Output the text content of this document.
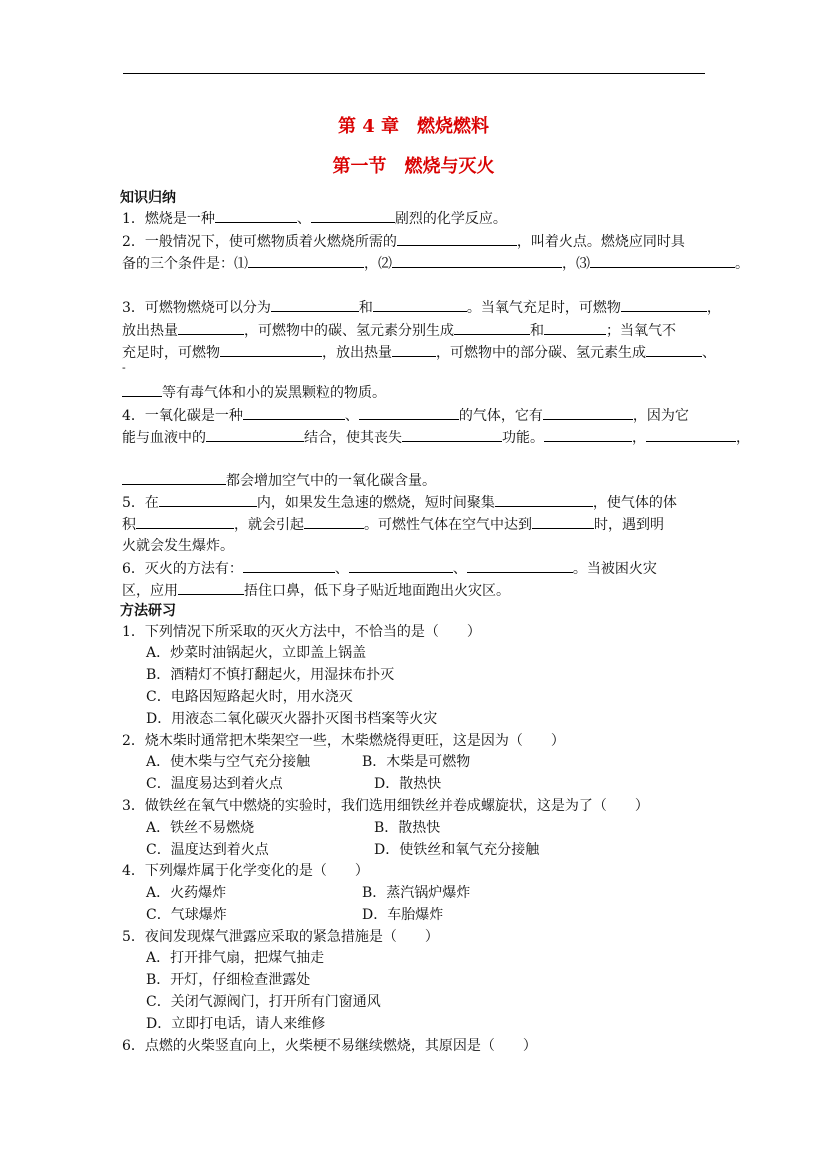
第 4 章　燃烧燃料
第一节　燃烧与灭火
知识归纳
1．燃烧是一种	、	剧烈的化学反应。
2．一般情况下，使可燃物质着火燃烧所需的	，叫着火点。燃烧应同时具
备的三个条件是：⑴	，⑵	，⑶	。
3．可燃物燃烧可以分为	和	。当氧气充足时，可燃物	，
放出热量	，可燃物中的碳、氢元素分别生成	和	；当氧气不
充足时，可燃物	，放出热量	，可燃物中的部分碳、氢元素生成	、
-
等有毒气体和小的炭黑颗粒的物质。
4．一氧化碳是一种	、	的气体，它有	，因为它
能与血液中的	结合，使其丧失	功能。	，	，
都会增加空气中的一氧化碳含量。
5．在	内，如果发生急速的燃烧，短时间聚集	，使气体的体
积	，就会引起	。可燃性气体在空气中达到	时，遇到明
火就会发生爆炸。
6．灭火的方法有：	、	、	。当被困火灾
区，应用	捂住口鼻，低下身子贴近地面跑出火灾区。
方法研习
1．下列情况下所采取的灭火方法中，不恰当的是（　　）
A．炒菜时油锅起火，立即盖上锅盖
B．酒精灯不慎打翻起火，用湿抹布扑灭
C．电路因短路起火时，用水浇灭
D．用液态二氧化碳灭火器扑灭图书档案等火灾
2．烧木柴时通常把木柴架空一些，木柴燃烧得更旺，这是因为（　　）
A．使木柴与空气充分接触	B．木柴是可燃物
C．温度易达到着火点	D．散热快
3．做铁丝在氧气中燃烧的实验时，我们选用细铁丝并卷成螺旋状，这是为了（　　）
A．铁丝不易燃烧	B．散热快
C．温度达到着火点	D．使铁丝和氧气充分接触
4．下列爆炸属于化学变化的是（　　）
A．火药爆炸	B．蒸汽锅炉爆炸
C．气球爆炸	D．车胎爆炸
5．夜间发现煤气泄露应采取的紧急措施是（　　）
A．打开排气扇，把煤气抽走
B．开灯，仔细检查泄露处
C．关闭气源阀门，打开所有门窗通风
D．立即打电话，请人来维修
6．点燃的火柴竖直向上，火柴梗不易继续燃烧，其原因是（　　）
